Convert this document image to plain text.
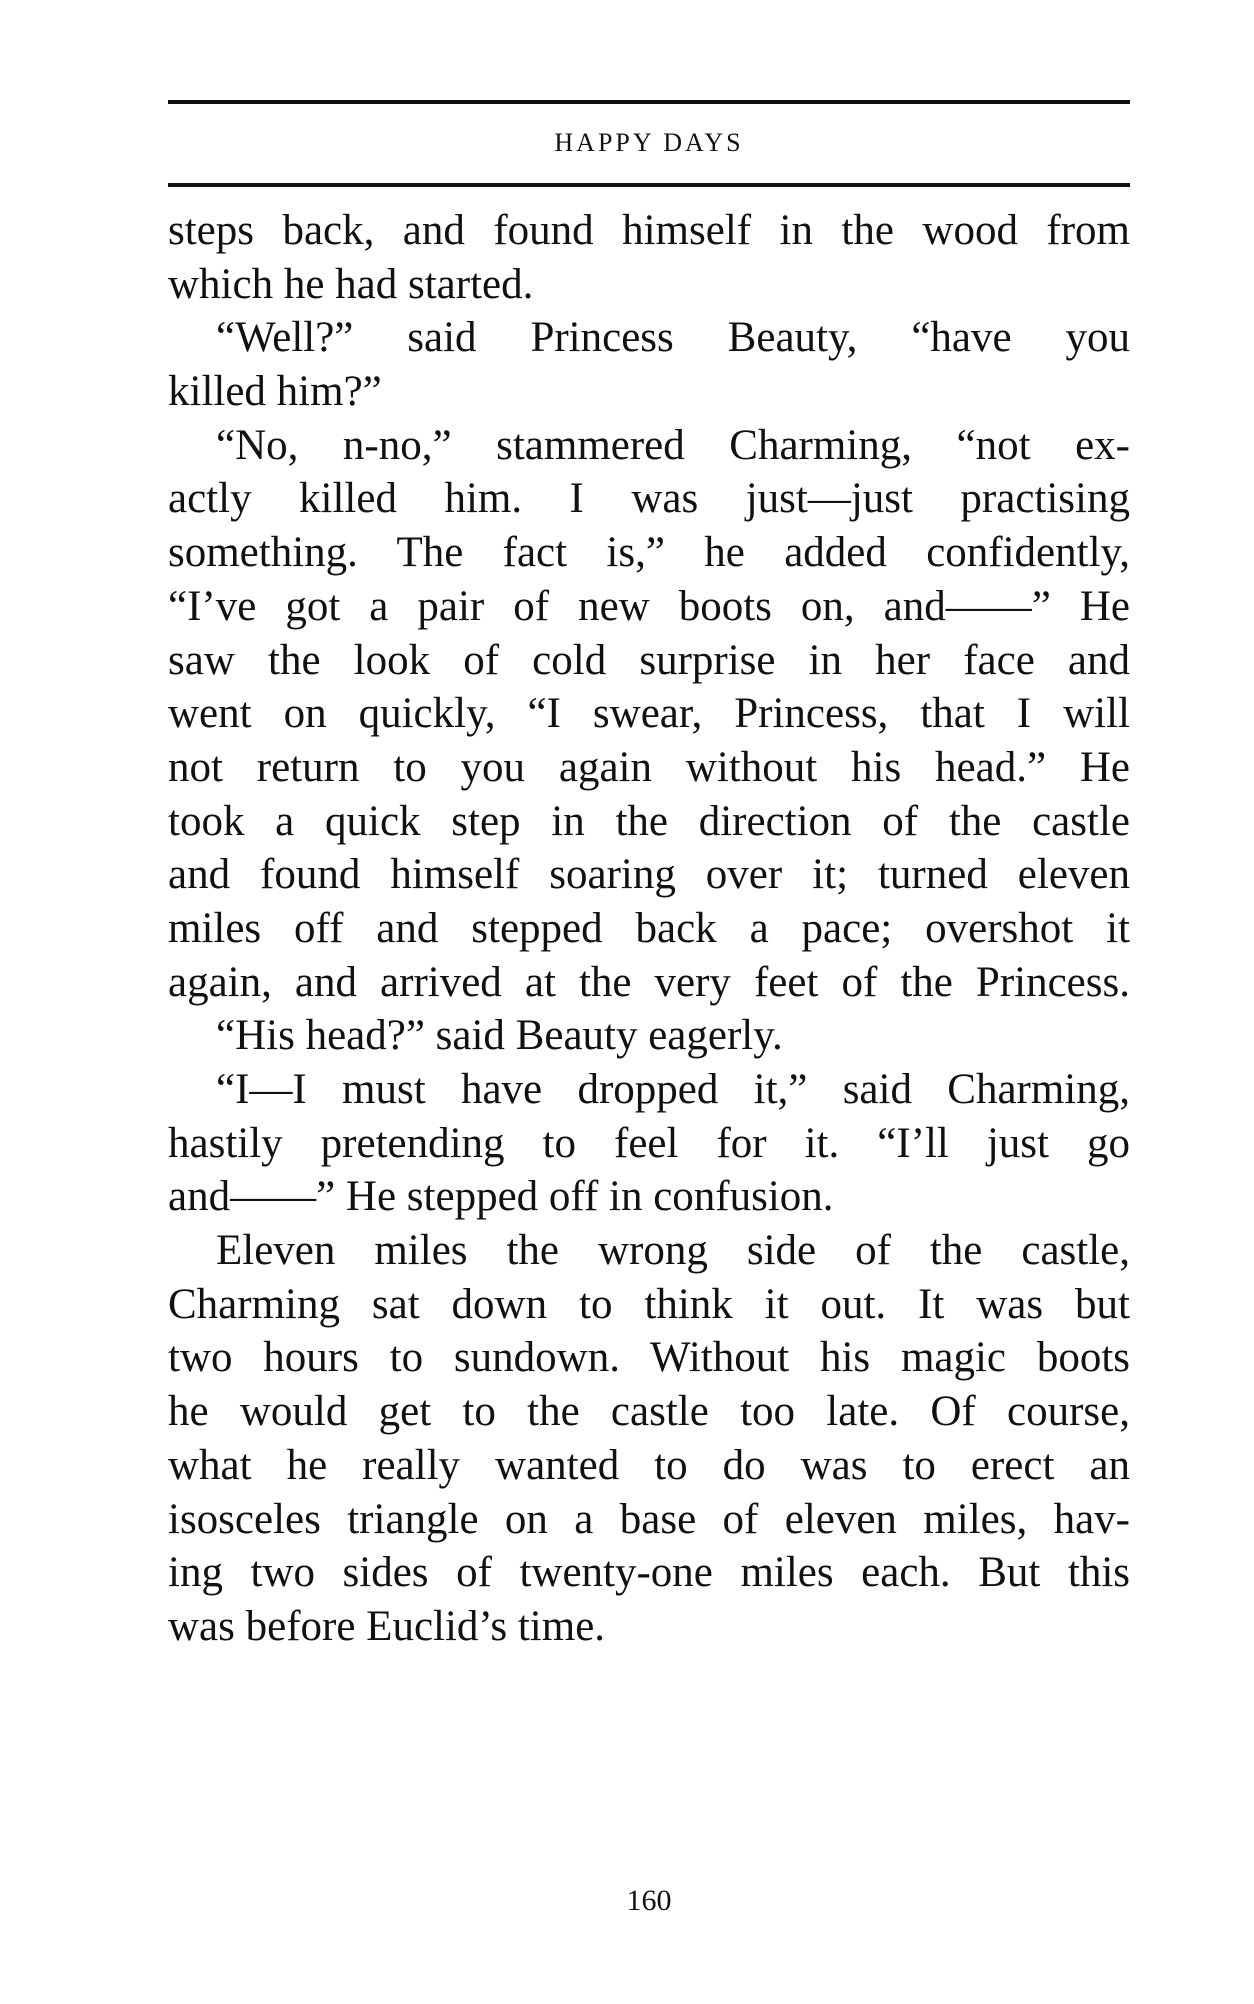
HAPPY DAYS
steps back, and found himself in the wood from
which he had started.
“Well?” said Princess Beauty, “have you
killed him?”
“No, n-no,” stammered Charming, “not ex-
actly killed him. I was just—just practising
something. The fact is,” he added confidently,
“I’ve got a pair of new boots on, and——” He
saw the look of cold surprise in her face and
went on quickly, “I swear, Princess, that I will
not return to you again without his head.” He
took a quick step in the direction of the castle
and found himself soaring over it; turned eleven
miles off and stepped back a pace; overshot it
again, and arrived at the very feet of the Princess.
“His head?” said Beauty eagerly.
“I—I must have dropped it,” said Charming,
hastily pretending to feel for it. “I’ll just go
and——” He stepped off in confusion.
Eleven miles the wrong side of the castle,
Charming sat down to think it out. It was but
two hours to sundown. Without his magic boots
he would get to the castle too late. Of course,
what he really wanted to do was to erect an
isosceles triangle on a base of eleven miles, hav-
ing two sides of twenty-one miles each. But this
was before Euclid’s time.
160
